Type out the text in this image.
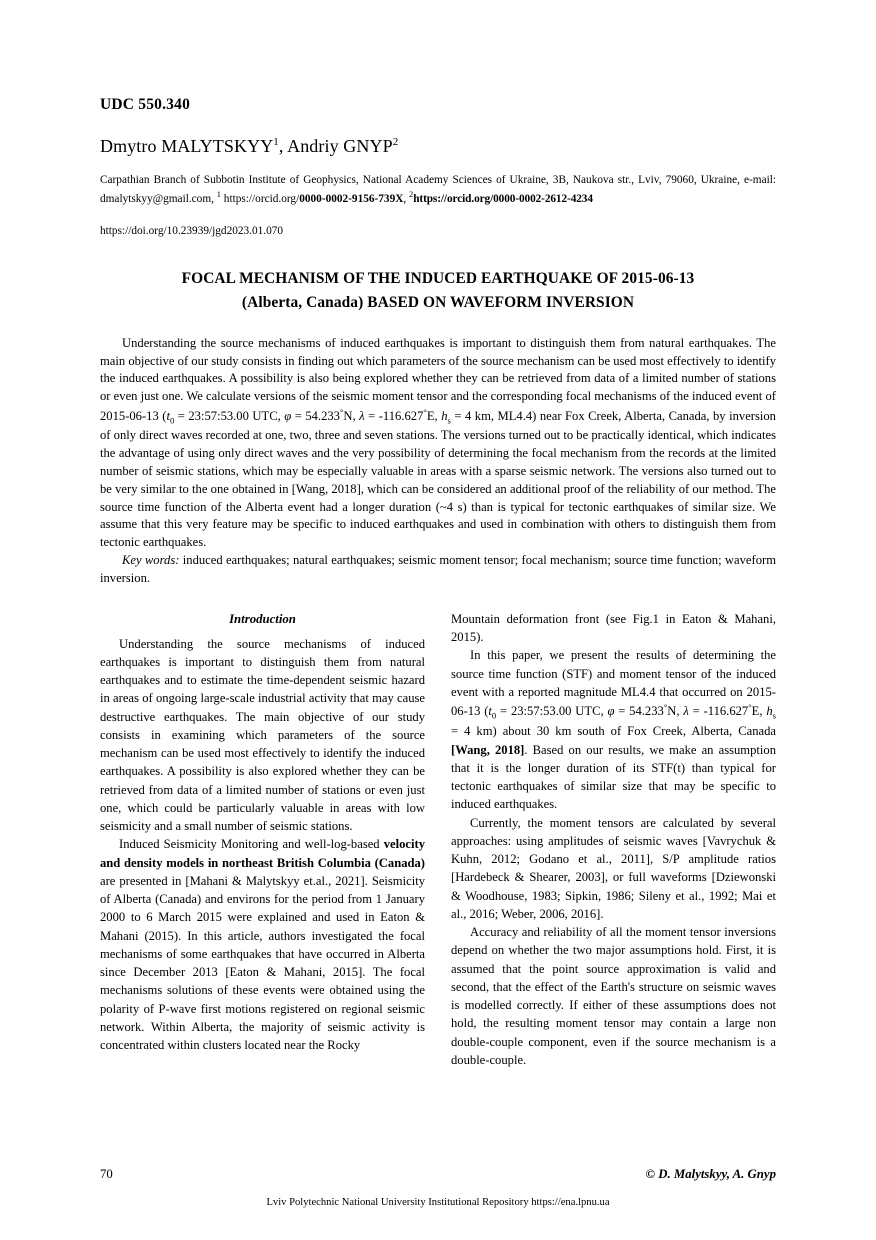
UDC 550.340
Dmytro MALYTSKYY$^1$, Andriy GNYP$^2$
Carpathian Branch of Subbotin Institute of Geophysics, National Academy Sciences of Ukraine, 3B, Naukova str., Lviv, 79060, Ukraine, e-mail: dmalytskyy@gmail.com, $^1$ https://orcid.org/0000-0002-9156-739X, $^2$https://orcid.org/0000-0002-2612-4234
https://doi.org/10.23939/jgd2023.01.070
FOCAL MECHANISM OF THE INDUCED EARTHQUAKE OF 2015-06-13
(Alberta, Canada) BASED ON WAVEFORM INVERSION

Understanding the source mechanisms of induced earthquakes is important to distinguish them from natural earthquakes. The main objective of our study consists in finding out which parameters of the source mechanism can be used most effectively to identify the induced earthquakes. A possibility is also being explored whether they can be retrieved from data of a limited number of stations or even just one. We calculate versions of the seismic moment tensor and the corresponding focal mechanisms of the induced event of 2015-06-13 ($t_0$ = 23:57:53.00 UTC, φ = 54.233°N, λ = -116.627°E, $h_s = 4$ km, ML4.4) near Fox Creek, Alberta, Canada, by inversion of only direct waves recorded at one, two, three and seven stations. The versions turned out to be practically identical, which indicates the advantage of using only direct waves and the very possibility of determining the focal mechanism from the records at the limited number of seismic stations, which may be especially valuable in areas with a sparse seismic network. The versions also turned out to be very similar to the one obtained in [Wang, 2018], which can be considered an additional proof of the reliability of our method. The source time function of the Alberta event had a longer duration (~4 s) than is typical for tectonic earthquakes of similar size. We assume that this very feature may be specific to induced earthquakes and used in combination with others to distinguish them from tectonic earthquakes.

Key words: induced earthquakes; natural earthquakes; seismic moment tensor; focal mechanism; source time function; waveform inversion.
Introduction

Understanding the source mechanisms of induced earthquakes is important to distinguish them from natural earthquakes and to estimate the time-dependent seismic hazard in areas of ongoing large-scale industrial activity that may cause destructive earthquakes. The main objective of our study consists in examining which parameters of the source mechanism can be used most effectively to identify the induced earthquakes. A possibility is also explored whether they can be retrieved from data of a limited number of stations or even just one, which could be particularly valuable in areas with low seismicity and a small number of seismic stations.

Induced Seismicity Monitoring and well-log-based velocity and density models in northeast British Columbia (Canada) are presented in [Mahani & Malytskyy et.al., 2021]. Seismicity of Alberta (Canada) and environs for the period from 1 January 2000 to 6 March 2015 were explained and used in Eaton & Mahani (2015). In this article, authors investigated the focal mechanisms of some earthquakes that have occurred in Alberta since December 2013 [Eaton & Mahani, 2015]. The focal mechanisms solutions of these events were obtained using the polarity of P-wave first motions registered on regional seismic network. Within Alberta, the majority of seismic activity is concentrated within clusters located near the Rocky

Mountain deformation front (see Fig.1 in Eaton & Mahani, 2015).

In this paper, we present the results of determining the source time function (STF) and moment tensor of the induced event with a reported magnitude ML4.4 that occurred on 2015-06-13 ($t_0$ = 23:57:53.00 UTC, φ = 54.233°N, λ = -116.627°E, $h_s = 4$ km) about 30 km south of Fox Creek, Alberta, Canada [Wang, 2018]. Based on our results, we make an assumption that it is the longer duration of its STF(t) than typical for tectonic earthquakes of similar size that may be specific to induced earthquakes.

Currently, the moment tensors are calculated by several approaches: using amplitudes of seismic waves [Vavrychuk & Kuhn, 2012; Godano et al., 2011], S/P amplitude ratios [Hardebeck & Shearer, 2003], or full waveforms [Dziewonski & Woodhouse, 1983; Sipkin, 1986; Sileny et al., 1992; Mai et al., 2016; Weber, 2006, 2016].

Accuracy and reliability of all the moment tensor inversions depend on whether the two major assumptions hold. First, it is assumed that the point source approximation is valid and second, that the effect of the Earth's structure on seismic waves is modelled correctly. If either of these assumptions does not hold, the resulting moment tensor may contain a large non double-couple component, even if the source mechanism is a double-couple.

70	© D. Malytskyy, A. Gnyp
Lviv Polytechnic National University Institutional Repository https://ena.lpnu.ua
